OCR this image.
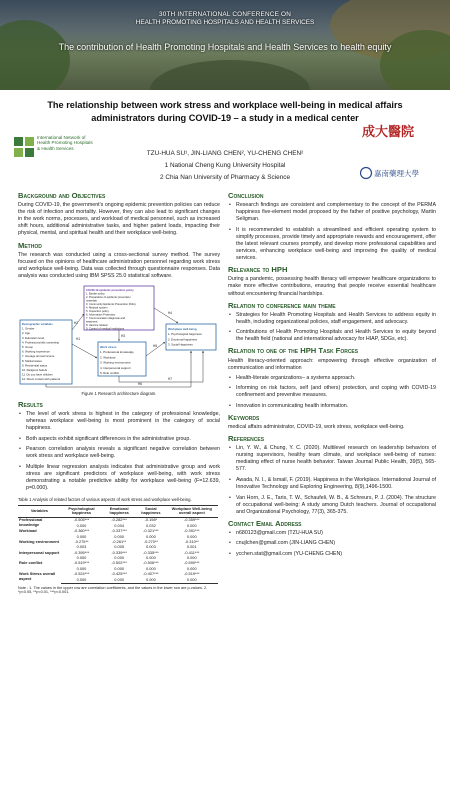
30TH INTERNATIONAL CONFERENCE ON
HEALTH PROMOTING HOSPITALS AND HEALTH SERVICES
The contribution of Health Promoting Hospitals and Health Services to health equity
The relationship between work stress and workplace well-being in medical affairs
administrators during COVID-19 – a study in a medical center
International Network of
Health Promoting Hospitals
& Health Services
TZU-HUA SU¹, JIN-LIANG CHEN², YU-CHENG CHEN²
1 National Cheng Kung University Hospital
2 Chia Nan University of Pharmacy & Science
成大醫院
嘉南藥理大學
Background and Objectives

During COVID-19, the government's ongoing epidemic prevention policies can reduce the risk of infection and mortality. However, they can also lead to significant changes in the work norms, processes, and workload of medical personnel, such as increased shift hours, additional administrative tasks, and higher patient loads, impacting their physical, mental, and spiritual health and their workplace well-being.

Method

The research was conducted using a cross-sectional survey method. The survey focused on the opinions of healthcare administration personnel regarding work stress and workplace well-being. Data was collected through questionnaire responses. Data analysis was conducted using IBM SPSS 25.0 statistical software.

COVID-19 epidemic prevention policy
1. Border policy
2. Preparation of epidemic prevention
materials
3. Community Epidemic Prevention Policy
4. Medical system
5. Inspection policy
6. Information Protection
7. Communication diagnosis and
treatment
8. Vaccine related
9. Control of medical institutions
Demographic variables
1. Gender
2. Age
3. Education level
4. Professional title ownership
5. Group
6. Working experience
7. Average annual income
8. Marital status
9. Residential status
10. Religious beliefs
11. Do you have children
12. Direct contact with patients
Work stress
1. Professional knowledge
2. Workload
3. Working environment
4. Interpersonal support
5. Role conflict
Workplace well-being
1. Psychological happiness
2. Emotional happiness
3. Social Happiness
H1
H2
H3
H4
H5
H6
H7
Figure 1 Research architecture diagram.
Results
• The level of work stress is highest in the category of professional knowledge, whereas workplace well-being is most prominent in the category of social happiness.
• Both aspects exhibit significant differences in the administrative group.
• Pearson correlation analysis reveals a significant negative correlation between work stress and workplace well-being.
• Multiple linear regression analysis indicates that administrative group and work stress are significant predictors of workplace well-being, with work stress demonstrating a notable predictive ability for workplace well-being (F=12.639, p=0.000).
Table 1 Analysis of related factors of various aspects of work stress and workplace well-being.
Variables	Psychological happiness	Emotional happiness	Social happiness	Workplace Well-being overall aspect
Professional knowledge	-0.505***	-0.282***	-0.198*	-0.359***
	0.000	0.004	0.032	0.000
Workload	-0.360***	-0.337***	-0.321***	-0.391***
	0.000	0.000	0.000	0.000
Working environment	-0.275**	-0.261**	-0.270**	-0.310**
	0.003	0.005	0.003	0.001
Interpersonal support	-0.395***	-0.339***	-0.335***	-0.411***
	0.000	0.000	0.000	0.000
Role conflict	-0.519***	-0.502***	-0.506***	-0.590***
	0.000	0.000	0.000	0.000
Work Stress overall aspect	-0.524***	-0.425***	-0.407***	-0.519***
	0.000	0.000	0.000	0.000
Note : 1. The values in the upper row are correlation coefficients, and the values in the lower row are p-values. 2. *p<0.05, **p<0.01, ***p<0.001.
Conclusion
• Research findings are consistent and complementary to the concept of the PERMA happiness five-element model proposed by the father of positive psychology, Martin Seligman.
• It is recommended to establish a streamlined and efficient operating system to simplify processes, provide timely and appropriate rewards and encouragement, offer the latest relevant courses promptly, and develop more professional capabilities and services, enhancing workplace well-being and improving the quality of medical services.
Relevance to HPH

During a pandemic, possessing health literacy will empower healthcare organizations to make more effective contributions, ensuring that people receive essential healthcare without encountering financial hardships.

Relation to conference main theme
• Strategies for Health Promoting Hospitals and Health Services to address equity in health, including organizational policies, staff engagement, and advocacy.
• Contributions of Health Promoting Hospitals and Health Services to equity beyond the health field (national and international advocacy for HIAP, SDGs, etc).
Relation to one of the HPH Task Forces

Health literacy-oriented approach: empowering through effective organization of communication and information

• Health-literate organizations– a systems approach.
• Informing on risk factors, self (and others) protection, and coping with COVID-19 confinement and preventive measures.
• Innovation in communicating health information.
Keywords

medical affairs administrator, COVID-19, work stress, workplace well-being.

References
• Lin, Y. W., & Chung, Y. C. (2020). Multilevel research on leadership behaviors of nursing supervisors, healthy team climate, and workplace well-being of nurses: mediating effect of nurse health behavior. Taiwan Journal Public Health, 39(5), 565-577.
• Awada, N. I., & Ismail, F. (2019). Happiness in the Workplace. International Journal of Innovative Technology and Exploring Engineering, 8(9),1496-1500.
• Van Horn, J. E., Taris, T. W., Schaufeli, W. B., & Schreurs, P. J. (2004). The structure of occupational well-being: A study among Dutch teachers. Journal of occupational and Organizational Psychology, 77(3), 365-375.
Contact Email Address
• n680123@gmail.com (TZU-HUA SU)
• cnujlchen@gmail.com (JIN-LIANG CHEN)
• ycchen.stat@gmail.com (YU-CHENG CHEN)
